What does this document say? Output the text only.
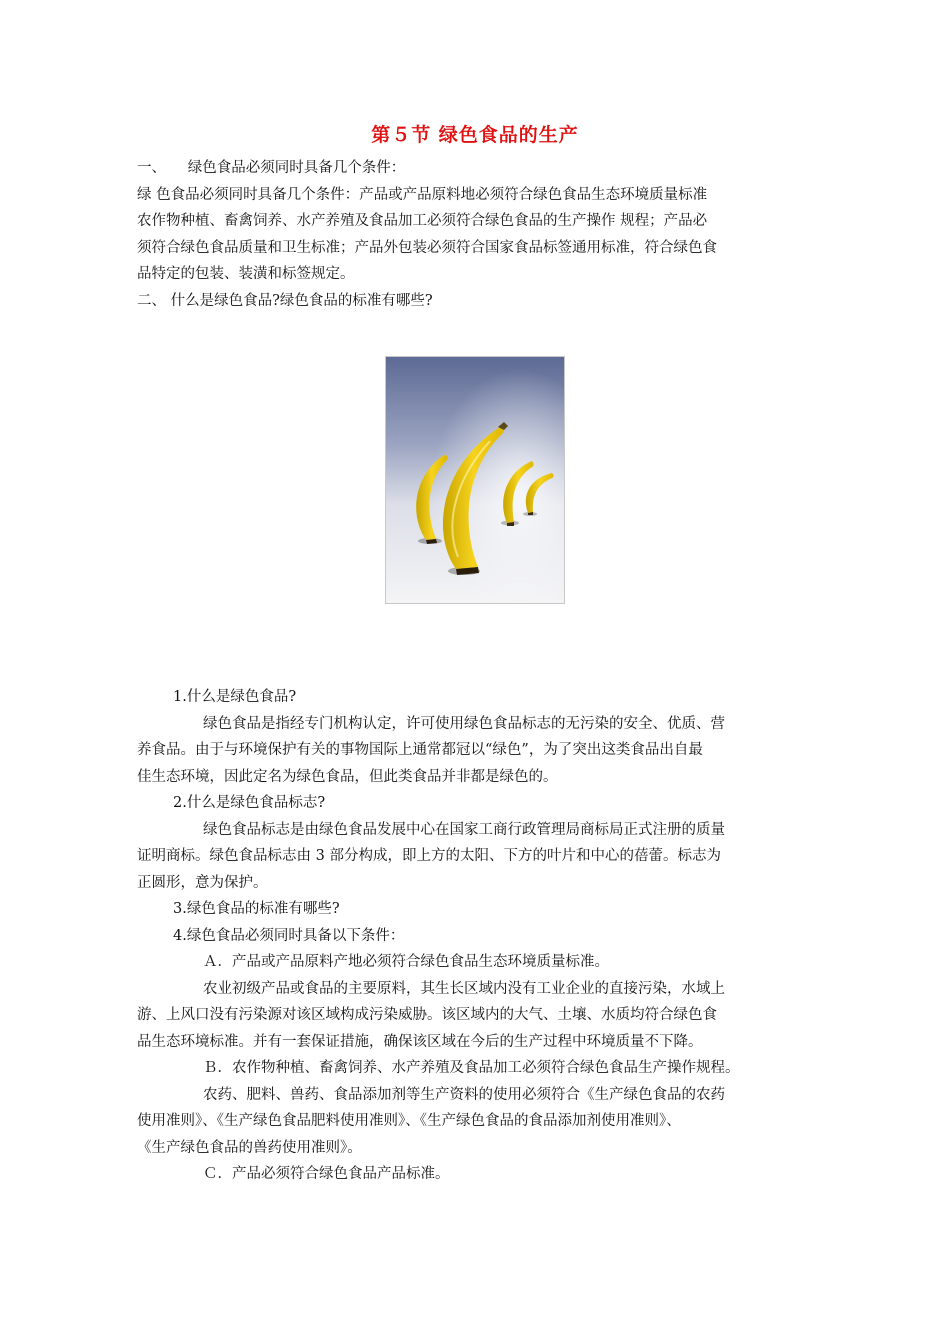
第５节 绿色食品的生产
一、　　绿色食品必须同时具备几个条件：
绿 色食品必须同时具备几个条件：产品或产品原料地必须符合绿色食品生态环境质量标准
农作物种植、畜禽饲养、水产养殖及食品加工必须符合绿色食品的生产操作 规程；产品必
须符合绿色食品质量和卫生标准；产品外包装必须符合国家食品标签通用标准，符合绿色食
品特定的包装、装潢和标签规定。
二、 什么是绿色食品?绿色食品的标准有哪些?
1.什么是绿色食品?
绿色食品是指经专门机构认定，许可使用绿色食品标志的无污染的安全、优质、营
养食品。由于与环境保护有关的事物国际上通常都冠以“绿色”，为了突出这类食品出自最
佳生态环境，因此定名为绿色食品，但此类食品并非都是绿色的。
2.什么是绿色食品标志?
绿色食品标志是由绿色食品发展中心在国家工商行政管理局商标局正式注册的质量
证明商标。绿色食品标志由 3 部分构成，即上方的太阳、下方的叶片和中心的蓓蕾。标志为
正圆形，意为保护。
3.绿色食品的标准有哪些?
4.绿色食品必须同时具备以下条件：
Ａ．产品或产品原料产地必须符合绿色食品生态环境质量标准。
农业初级产品或食品的主要原料，其生长区域内没有工业企业的直接污染，水域上
游、上风口没有污染源对该区域构成污染威胁。该区域内的大气、土壤、水质均符合绿色食
品生态环境标准。并有一套保证措施，确保该区域在今后的生产过程中环境质量不下降。
Ｂ．农作物种植、畜禽饲养、水产养殖及食品加工必须符合绿色食品生产操作规程。
农药、肥料、兽药、食品添加剂等生产资料的使用必须符合《生产绿色食品的农药
使用准则》、《生产绿色食品肥料使用准则》、《生产绿色食品的食品添加剂使用准则》、
《生产绿色食品的兽药使用准则》。
Ｃ．产品必须符合绿色食品产品标准。
